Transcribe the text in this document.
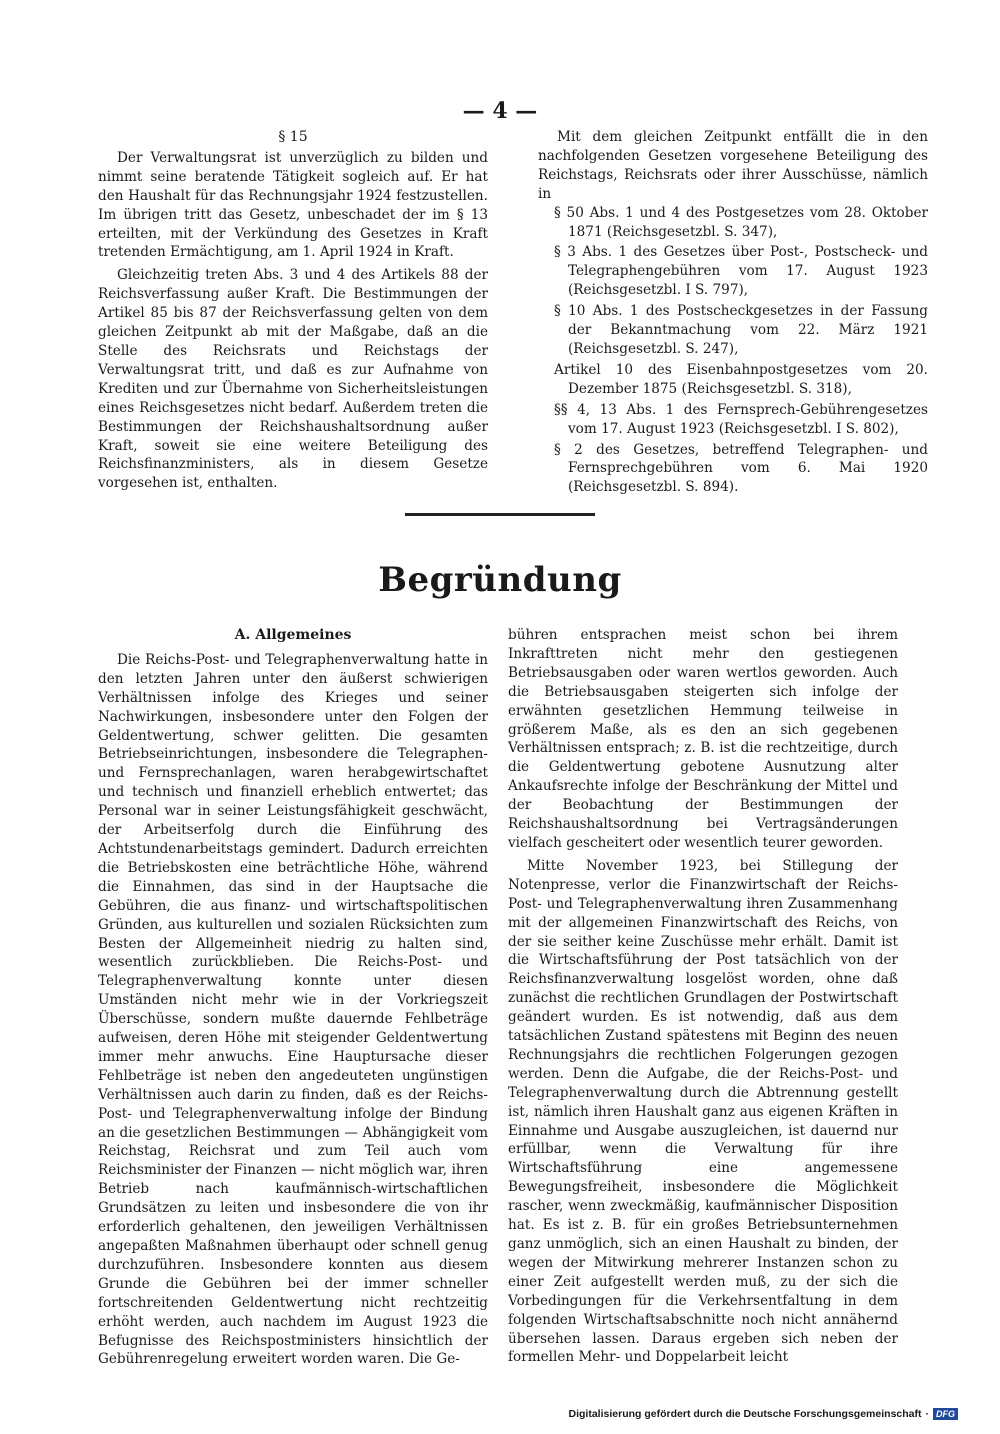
— 4 —
§ 15

Der Verwaltungsrat ist unverzüglich zu bilden und nimmt seine beratende Tätigkeit sogleich auf. Er hat den Haushalt für das Rechnungsjahr 1924 festzustellen. Im übrigen tritt das Gesetz, unbeschadet der im § 13 erteilten, mit der Verkündung des Gesetzes in Kraft tretenden Ermächtigung, am 1. April 1924 in Kraft.

Gleichzeitig treten Abs. 3 und 4 des Artikels 88 der Reichsverfassung außer Kraft. Die Bestimmungen der Artikel 85 bis 87 der Reichsverfassung gelten von dem gleichen Zeitpunkt ab mit der Maßgabe, daß an die Stelle des Reichsrats und Reichstags der Verwaltungsrat tritt, und daß es zur Aufnahme von Krediten und zur Übernahme von Sicherheitsleistungen eines Reichsgesetzes nicht bedarf. Außerdem treten die Bestimmungen der Reichshaushaltsordnung außer Kraft, soweit sie eine weitere Beteiligung des Reichsfinanzministers, als in diesem Gesetze vorgesehen ist, enthalten.

Mit dem gleichen Zeitpunkt entfällt die in den nachfolgenden Gesetzen vorgesehene Beteiligung des Reichstags, Reichsrats oder ihrer Ausschüsse, nämlich in

§ 50 Abs. 1 und 4 des Postgesetzes vom 28. Oktober 1871 (Reichsgesetzbl. S. 347),
§ 3 Abs. 1 des Gesetzes über Post-, Postscheck- und Telegraphengebühren vom 17. August 1923 (Reichsgesetzbl. I S. 797),
§ 10 Abs. 1 des Postscheckgesetzes in der Fassung der Bekanntmachung vom 22. März 1921 (Reichsgesetzbl. S. 247),
Artikel 10 des Eisenbahnpostgesetzes vom 20. Dezember 1875 (Reichsgesetzbl. S. 318),
§§ 4, 13 Abs. 1 des Fernsprech-Gebührengesetzes vom 17. August 1923 (Reichsgesetzbl. I S. 802),
§ 2 des Gesetzes, betreffend Telegraphen- und Fernsprechgebühren vom 6. Mai 1920 (Reichsgesetzbl. S. 894).
Begründung
A. Allgemeines

Die Reichs-Post- und Telegraphenverwaltung hatte in den letzten Jahren unter den äußerst schwierigen Verhältnissen infolge des Krieges und seiner Nachwirkungen, insbesondere unter den Folgen der Geldentwertung, schwer gelitten. Die gesamten Betriebseinrichtungen, insbesondere die Telegraphen- und Fernsprechanlagen, waren herabgewirtschaftet und technisch und finanziell erheblich entwertet; das Personal war in seiner Leistungsfähigkeit geschwächt, der Arbeitserfolg durch die Einführung des Achtstundenarbeitstags gemindert. Dadurch erreichten die Betriebskosten eine beträchtliche Höhe, während die Einnahmen, das sind in der Hauptsache die Gebühren, die aus finanz- und wirtschaftspolitischen Gründen, aus kulturellen und sozialen Rücksichten zum Besten der Allgemeinheit niedrig zu halten sind, wesentlich zurückblieben. Die Reichs-Post- und Telegraphenverwaltung konnte unter diesen Umständen nicht mehr wie in der Vorkriegszeit Überschüsse, sondern mußte dauernde Fehlbeträge aufweisen, deren Höhe mit steigender Geldentwertung immer mehr anwuchs. Eine Hauptursache dieser Fehlbeträge ist neben den angedeuteten ungünstigen Verhältnissen auch darin zu finden, daß es der Reichs-Post- und Telegraphenverwaltung infolge der Bindung an die gesetzlichen Bestimmungen — Abhängigkeit vom Reichstag, Reichsrat und zum Teil auch vom Reichsminister der Finanzen — nicht möglich war, ihren Betrieb nach kaufmännisch-wirtschaftlichen Grundsätzen zu leiten und insbesondere die von ihr erforderlich gehaltenen, den jeweiligen Verhältnissen angepaßten Maßnahmen überhaupt oder schnell genug durchzuführen. Insbesondere konnten aus diesem Grunde die Gebühren bei der immer schneller fortschreitenden Geldentwertung nicht rechtzeitig erhöht werden, auch nachdem im August 1923 die Befugnisse des Reichspostministers hinsichtlich der Gebührenregelung erweitert worden waren. Die Ge-

bühren entsprachen meist schon bei ihrem Inkrafttreten nicht mehr den gestiegenen Betriebsausgaben oder waren wertlos geworden. Auch die Betriebsausgaben steigerten sich infolge der erwähnten gesetzlichen Hemmung teilweise in größerem Maße, als es den an sich gegebenen Verhältnissen entsprach; z. B. ist die rechtzeitige, durch die Geldentwertung gebotene Ausnutzung alter Ankaufsrechte infolge der Beschränkung der Mittel und der Beobachtung der Bestimmungen der Reichshaushaltsordnung bei Vertragsänderungen vielfach gescheitert oder wesentlich teurer geworden.

Mitte November 1923, bei Stillegung der Notenpresse, verlor die Finanzwirtschaft der Reichs-Post- und Telegraphenverwaltung ihren Zusammenhang mit der allgemeinen Finanzwirtschaft des Reichs, von der sie seither keine Zuschüsse mehr erhält. Damit ist die Wirtschaftsführung der Post tatsächlich von der Reichsfinanzverwaltung losgelöst worden, ohne daß zunächst die rechtlichen Grundlagen der Postwirtschaft geändert wurden. Es ist notwendig, daß aus dem tatsächlichen Zustand spätestens mit Beginn des neuen Rechnungsjahrs die rechtlichen Folgerungen gezogen werden. Denn die Aufgabe, die der Reichs-Post- und Telegraphenverwaltung durch die Abtrennung gestellt ist, nämlich ihren Haushalt ganz aus eigenen Kräften in Einnahme und Ausgabe auszugleichen, ist dauernd nur erfüllbar, wenn die Verwaltung für ihre Wirtschaftsführung eine angemessene Bewegungsfreiheit, insbesondere die Möglichkeit rascher, wenn zweckmäßig, kaufmännischer Disposition hat. Es ist z. B. für ein großes Betriebsunternehmen ganz unmöglich, sich an einen Haushalt zu binden, der wegen der Mitwirkung mehrerer Instanzen schon zu einer Zeit aufgestellt werden muß, zu der sich die Vorbedingungen für die Verkehrsentfaltung in dem folgenden Wirtschaftsabschnitte noch nicht annähernd übersehen lassen. Daraus ergeben sich neben der formellen Mehr- und Doppelarbeit leicht

Digitalisierung gefördert durch die Deutsche Forschungsgemeinschaft · DFG
